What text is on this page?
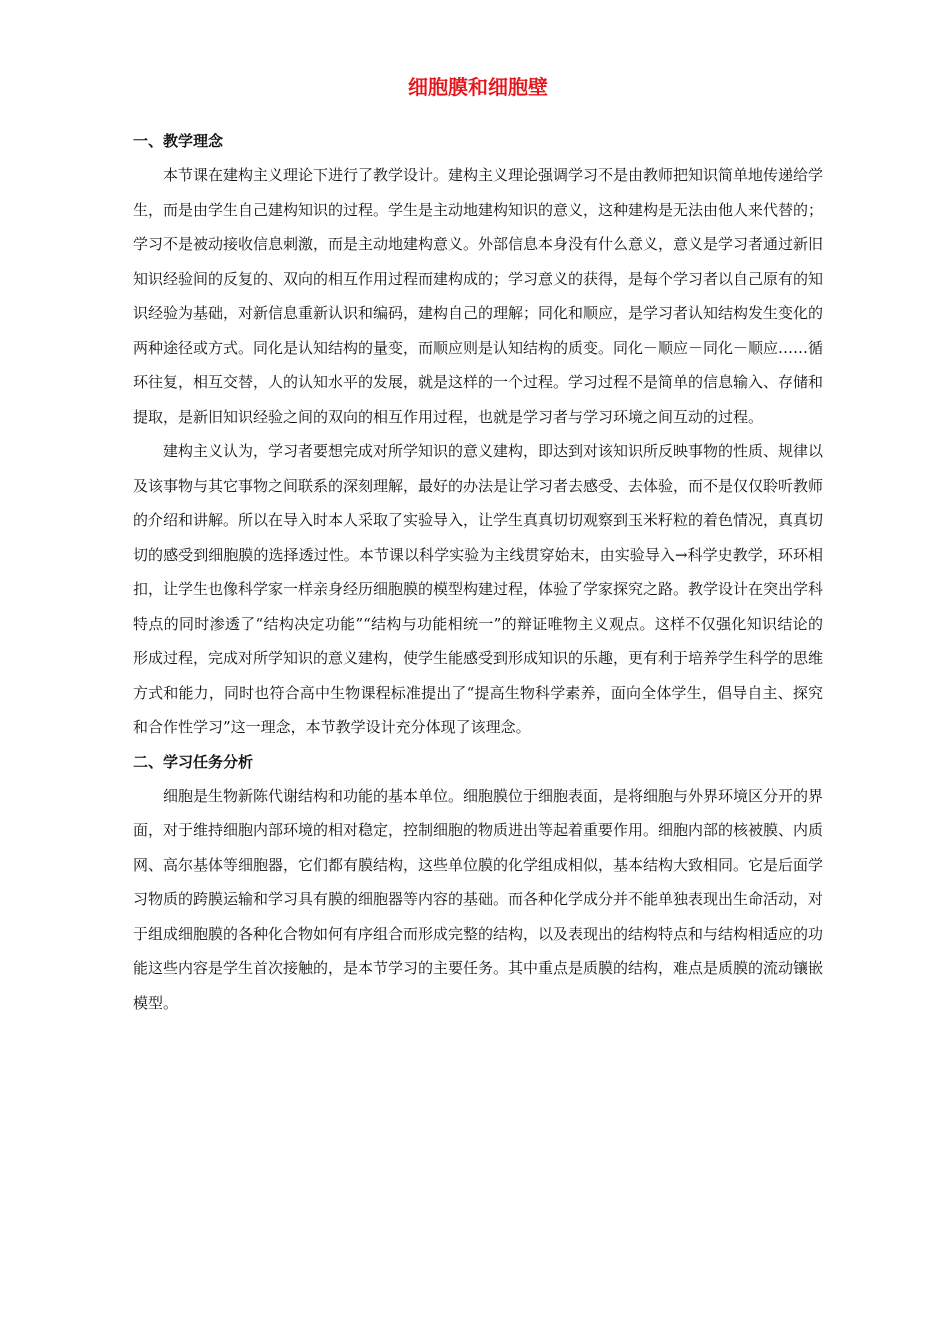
细胞膜和细胞壁
一、教学理念

本节课在建构主义理论下进行了教学设计。建构主义理论强调学习不是由教师把知识简单地传递给学生，而是由学生自己建构知识的过程。学生是主动地建构知识的意义，这种建构是无法由他人来代替的；学习不是被动接收信息刺激，而是主动地建构意义。外部信息本身没有什么意义，意义是学习者通过新旧知识经验间的反复的、双向的相互作用过程而建构成的；学习意义的获得，是每个学习者以自己原有的知识经验为基础，对新信息重新认识和编码，建构自己的理解；同化和顺应，是学习者认知结构发生变化的两种途径或方式。同化是认知结构的量变，而顺应则是认知结构的质变。同化－顺应－同化－顺应……循环往复，相互交替，人的认知水平的发展，就是这样的一个过程。学习过程不是简单的信息输入、存储和提取，是新旧知识经验之间的双向的相互作用过程，也就是学习者与学习环境之间互动的过程。

建构主义认为，学习者要想完成对所学知识的意义建构，即达到对该知识所反映事物的性质、规律以及该事物与其它事物之间联系的深刻理解，最好的办法是让学习者去感受、去体验，而不是仅仅聆听教师的介绍和讲解。所以在导入时本人采取了实验导入，让学生真真切切观察到玉米籽粒的着色情况，真真切切的感受到细胞膜的选择透过性。本节课以科学实验为主线贯穿始末，由实验导入→科学史教学，环环相扣，让学生也像科学家一样亲身经历细胞膜的模型构建过程，体验了学家探究之路。教学设计在突出学科特点的同时渗透了“结构决定功能”“结构与功能相统一”的辩证唯物主义观点。这样不仅强化知识结论的形成过程，完成对所学知识的意义建构，使学生能感受到形成知识的乐趣，更有利于培养学生科学的思维方式和能力，同时也符合高中生物课程标准提出了“提高生物科学素养，面向全体学生，倡导自主、探究和合作性学习”这一理念，本节教学设计充分体现了该理念。

二、学习任务分析

细胞是生物新陈代谢结构和功能的基本单位。细胞膜位于细胞表面，是将细胞与外界环境区分开的界面，对于维持细胞内部环境的相对稳定，控制细胞的物质进出等起着重要作用。细胞内部的核被膜、内质网、高尔基体等细胞器，它们都有膜结构，这些单位膜的化学组成相似，基本结构大致相同。它是后面学习物质的跨膜运输和学习具有膜的细胞器等内容的基础。而各种化学成分并不能单独表现出生命活动，对于组成细胞膜的各种化合物如何有序组合而形成完整的结构，以及表现出的结构特点和与结构相适应的功能这些内容是学生首次接触的，是本节学习的主要任务。其中重点是质膜的结构，难点是质膜的流动镶嵌模型。
